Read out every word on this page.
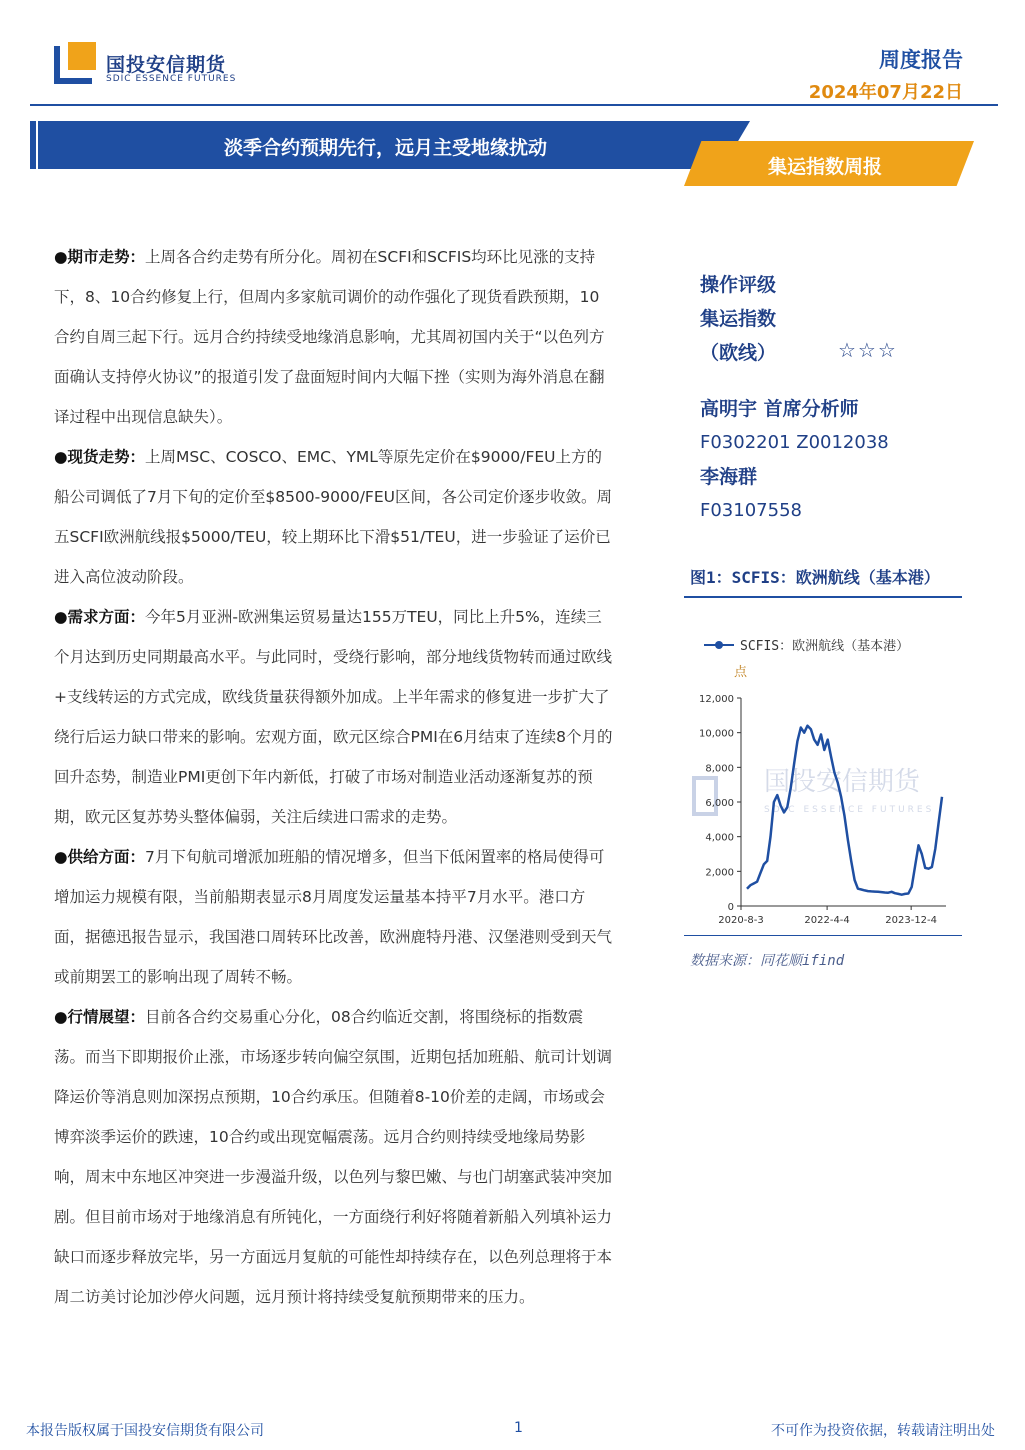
国投安信期货
SDIC ESSENCE FUTURES
周度报告
2024年07月22日
淡季合约预期先行，远月主受地缘扰动
集运指数周报

●期市走势：上周各合约走势有所分化。周初在SCFI和SCFIS均环比见涨的支持下，8、10合约修复上行，但周内多家航司调价的动作强化了现货看跌预期，10合约自周三起下行。远月合约持续受地缘消息影响，尤其周初国内关于“以色列方面确认支持停火协议”的报道引发了盘面短时间内大幅下挫（实则为海外消息在翻译过程中出现信息缺失）。

●现货走势：上周MSC、COSCO、EMC、YML等原先定价在$9000/FEU上方的船公司调低了7月下旬的定价至$8500-9000/FEU区间，各公司定价逐步收敛。周五SCFI欧洲航线报$5000/TEU，较上期环比下滑$51/TEU，进一步验证了运价已进入高位波动阶段。

●需求方面：今年5月亚洲-欧洲集运贸易量达155万TEU，同比上升5%，连续三个月达到历史同期最高水平。与此同时，受绕行影响，部分地线货物转而通过欧线+支线转运的方式完成，欧线货量获得额外加成。上半年需求的修复进一步扩大了绕行后运力缺口带来的影响。宏观方面，欧元区综合PMI在6月结束了连续8个月的回升态势，制造业PMI更创下年内新低，打破了市场对制造业活动逐渐复苏的预期，欧元区复苏势头整体偏弱，关注后续进口需求的走势。

●供给方面：7月下旬航司增派加班船的情况增多，但当下低闲置率的格局使得可增加运力规模有限，当前船期表显示8月周度发运量基本持平7月水平。港口方面，据德迅报告显示，我国港口周转环比改善，欧洲鹿特丹港、汉堡港则受到天气或前期罢工的影响出现了周转不畅。

●行情展望：目前各合约交易重心分化，08合约临近交割，将围绕标的指数震荡。而当下即期报价止涨，市场逐步转向偏空氛围，近期包括加班船、航司计划调降运价等消息则加深拐点预期，10合约承压。但随着8-10价差的走阔，市场或会博弈淡季运价的跌速，10合约或出现宽幅震荡。远月合约则持续受地缘局势影响，周末中东地区冲突进一步漫溢升级，以色列与黎巴嫩、与也门胡塞武装冲突加剧。但目前市场对于地缘消息有所钝化，一方面绕行利好将随着新船入列填补运力缺口而逐步释放完毕，另一方面远月复航的可能性却持续存在，以色列总理将于本周二访美讨论加沙停火问题，远月预计将持续受复航预期带来的压力。

操作评级
集运指数
（欧线）	☆☆☆
高明宇 首席分析师
F0302201 Z0012038
李海群
F03107558
图1：SCFIS：欧洲航线（基本港）
国投安信期货
SDIC ESSENCE FUTURES
SCFIS：欧洲航线（基本港）
点
12,000
10,000
8,000
6,000
4,000
2,000
0
2020-8-3	2022-4-4	2023-12-4
数据来源：同花顺ifind
本报告版权属于国投安信期货有限公司	1	不可作为投资依据，转载请注明出处
